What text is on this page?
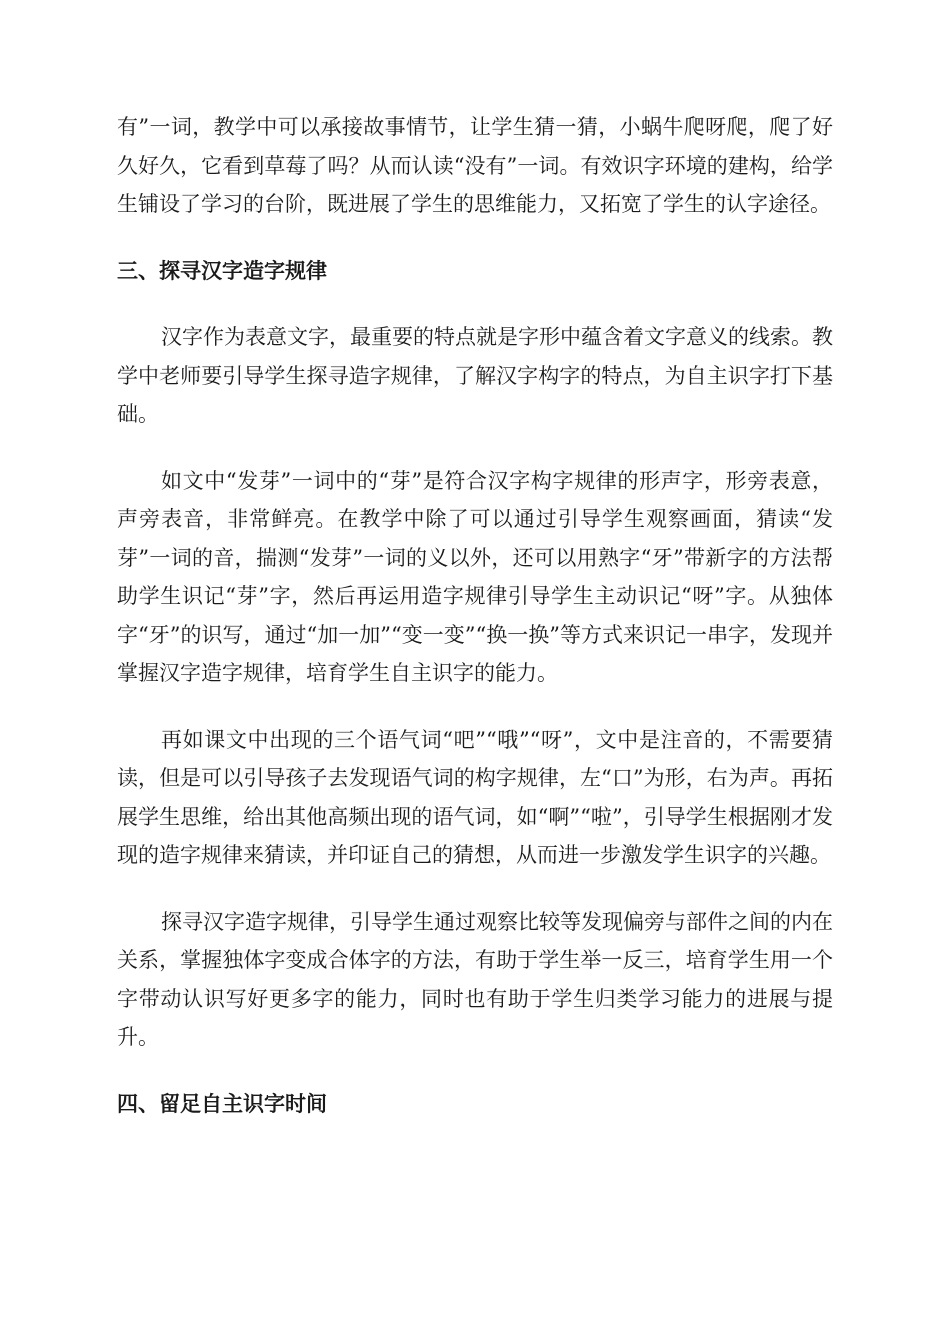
有”一词，教学中可以承接故事情节，让学生猜一猜，小蜗牛爬呀爬，爬了好久好久，它看到草莓了吗？从而认读“没有”一词。有效识字环境的建构，给学生铺设了学习的台阶，既进展了学生的思维能力，又拓宽了学生的认字途径。

三、探寻汉字造字规律

汉字作为表意文字，最重要的特点就是字形中蕴含着文字意义的线索。教学中老师要引导学生探寻造字规律，了解汉字构字的特点，为自主识字打下基础。

如文中“发芽”一词中的“芽”是符合汉字构字规律的形声字，形旁表意，声旁表音，非常鲜亮。在教学中除了可以通过引导学生观察画面，猜读“发芽”一词的音，揣测“发芽”一词的义以外，还可以用熟字“牙”带新字的方法帮助学生识记“芽”字，然后再运用造字规律引导学生主动识记“呀”字。从独体字“牙”的识写，通过“加一加”“变一变”“换一换”等方式来识记一串字，发现并掌握汉字造字规律，培育学生自主识字的能力。

再如课文中出现的三个语气词“吧”“哦”“呀”，文中是注音的，不需要猜读，但是可以引导孩子去发现语气词的构字规律，左“口”为形，右为声。再拓展学生思维，给出其他高频出现的语气词，如“啊”“啦”，引导学生根据刚才发现的造字规律来猜读，并印证自己的猜想，从而进一步激发学生识字的兴趣。

探寻汉字造字规律，引导学生通过观察比较等发现偏旁与部件之间的内在关系，掌握独体字变成合体字的方法，有助于学生举一反三，培育学生用一个字带动认识写好更多字的能力，同时也有助于学生归类学习能力的进展与提升。

四、留足自主识字时间
